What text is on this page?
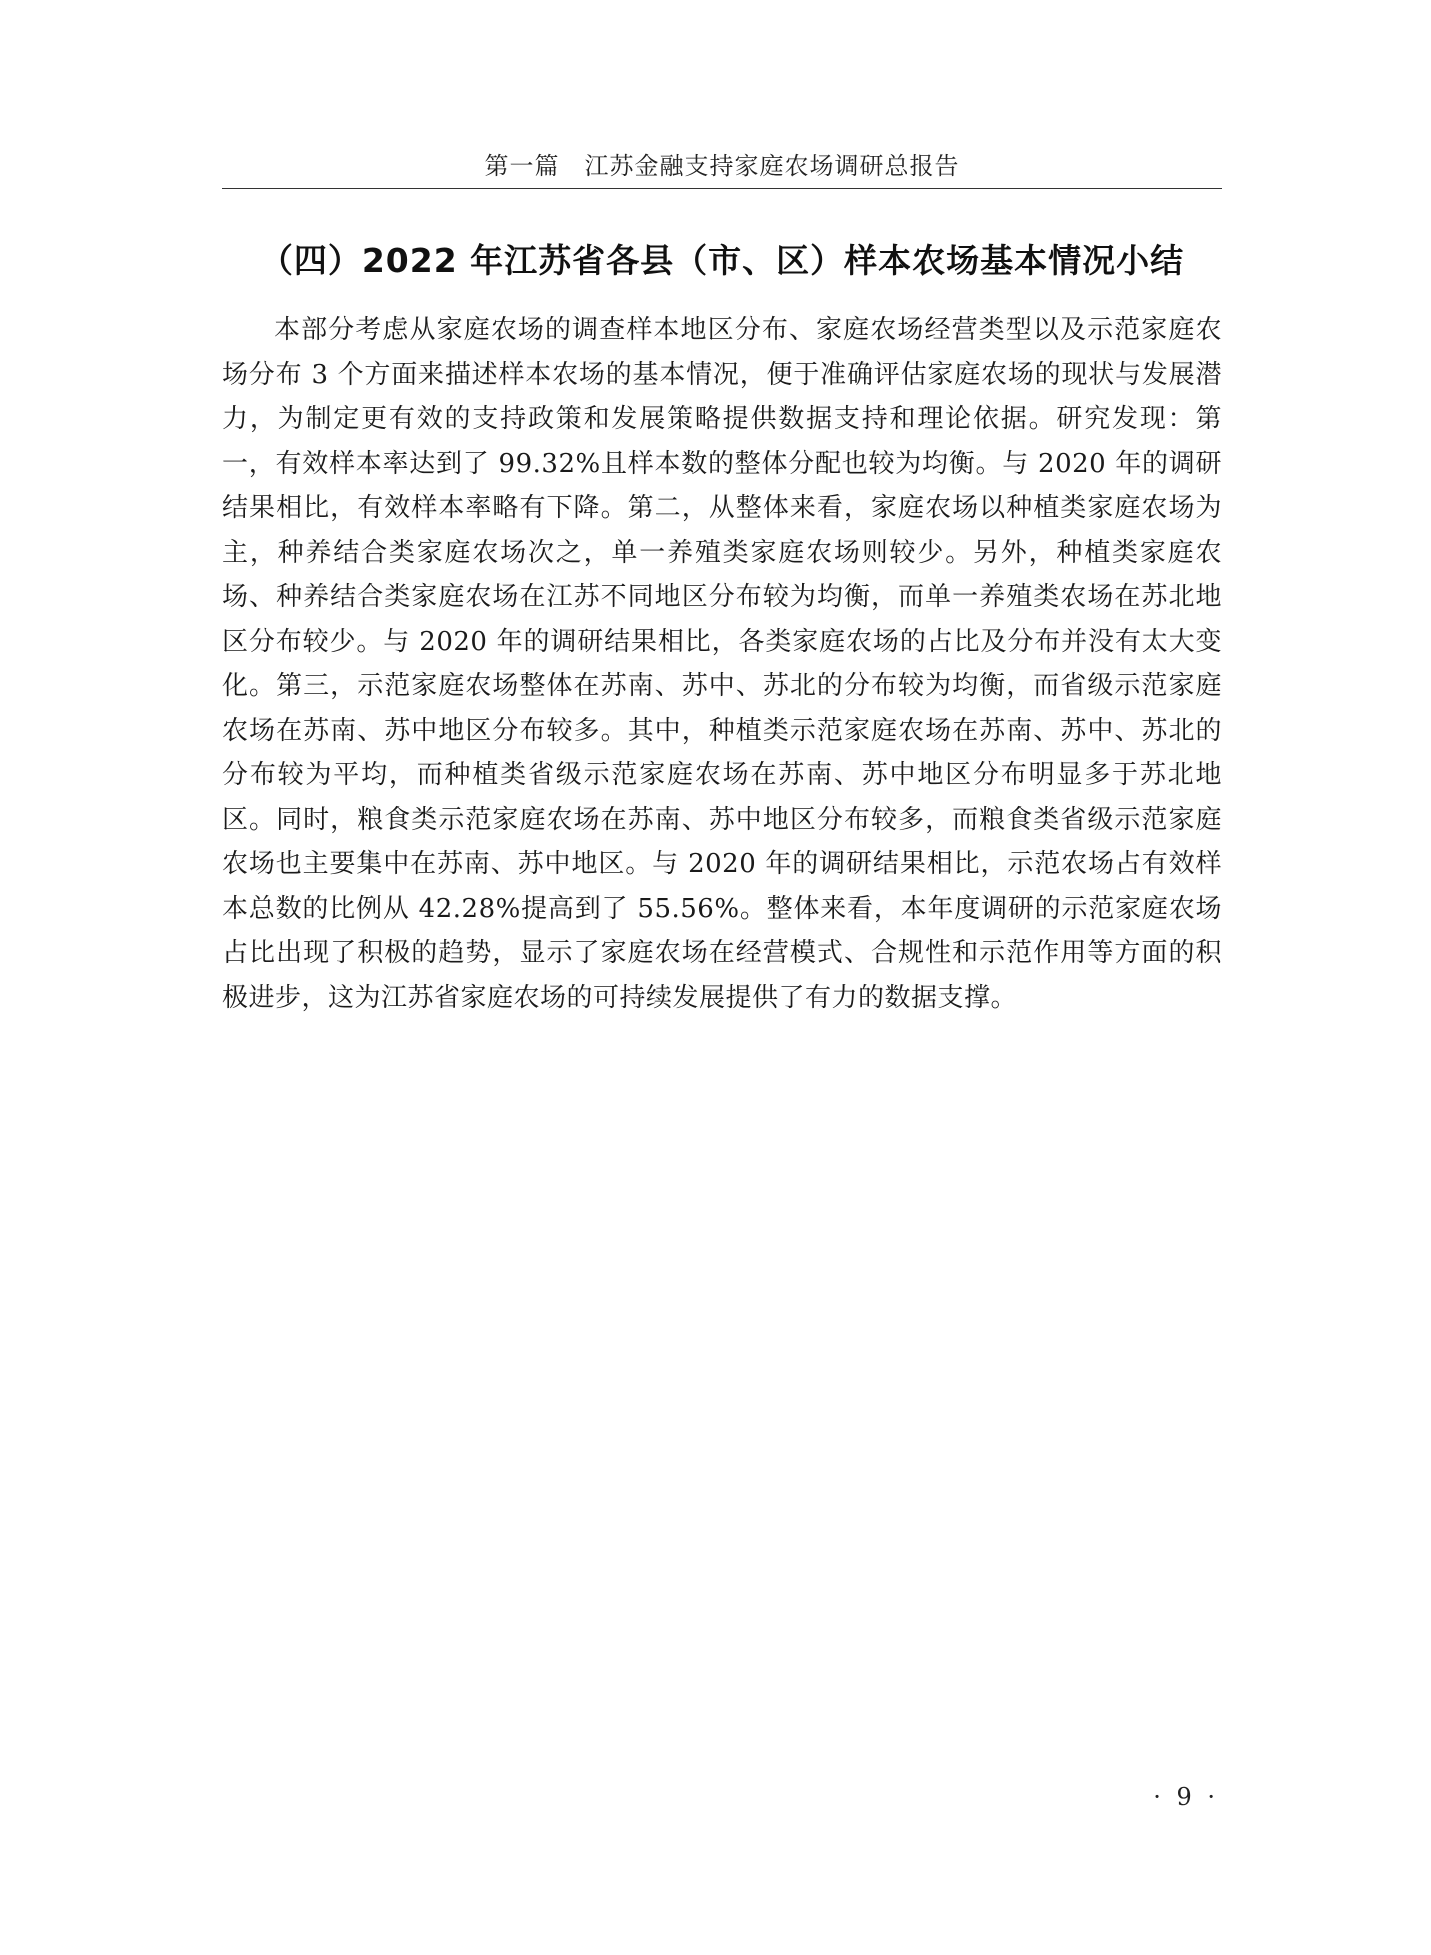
第一篇　江苏金融支持家庭农场调研总报告
（四）2022 年江苏省各县（市、区）样本农场基本情况小结

本部分考虑从家庭农场的调查样本地区分布、家庭农场经营类型以及示范家庭农场分布 3 个方面来描述样本农场的基本情况，便于准确评估家庭农场的现状与发展潜力，为制定更有效的支持政策和发展策略提供数据支持和理论依据。研究发现：第一，有效样本率达到了 99.32%且样本数的整体分配也较为均衡。与 2020 年的调研结果相比，有效样本率略有下降。第二，从整体来看，家庭农场以种植类家庭农场为主，种养结合类家庭农场次之，单一养殖类家庭农场则较少。另外，种植类家庭农场、种养结合类家庭农场在江苏不同地区分布较为均衡，而单一养殖类农场在苏北地区分布较少。与 2020 年的调研结果相比，各类家庭农场的占比及分布并没有太大变化。第三，示范家庭农场整体在苏南、苏中、苏北的分布较为均衡，而省级示范家庭农场在苏南、苏中地区分布较多。其中，种植类示范家庭农场在苏南、苏中、苏北的分布较为平均，而种植类省级示范家庭农场在苏南、苏中地区分布明显多于苏北地区。同时，粮食类示范家庭农场在苏南、苏中地区分布较多，而粮食类省级示范家庭农场也主要集中在苏南、苏中地区。与 2020 年的调研结果相比，示范农场占有效样本总数的比例从 42.28%提高到了 55.56%。整体来看，本年度调研的示范家庭农场占比出现了积极的趋势，显示了家庭农场在经营模式、合规性和示范作用等方面的积极进步，这为江苏省家庭农场的可持续发展提供了有力的数据支撑。

· 9 ·
